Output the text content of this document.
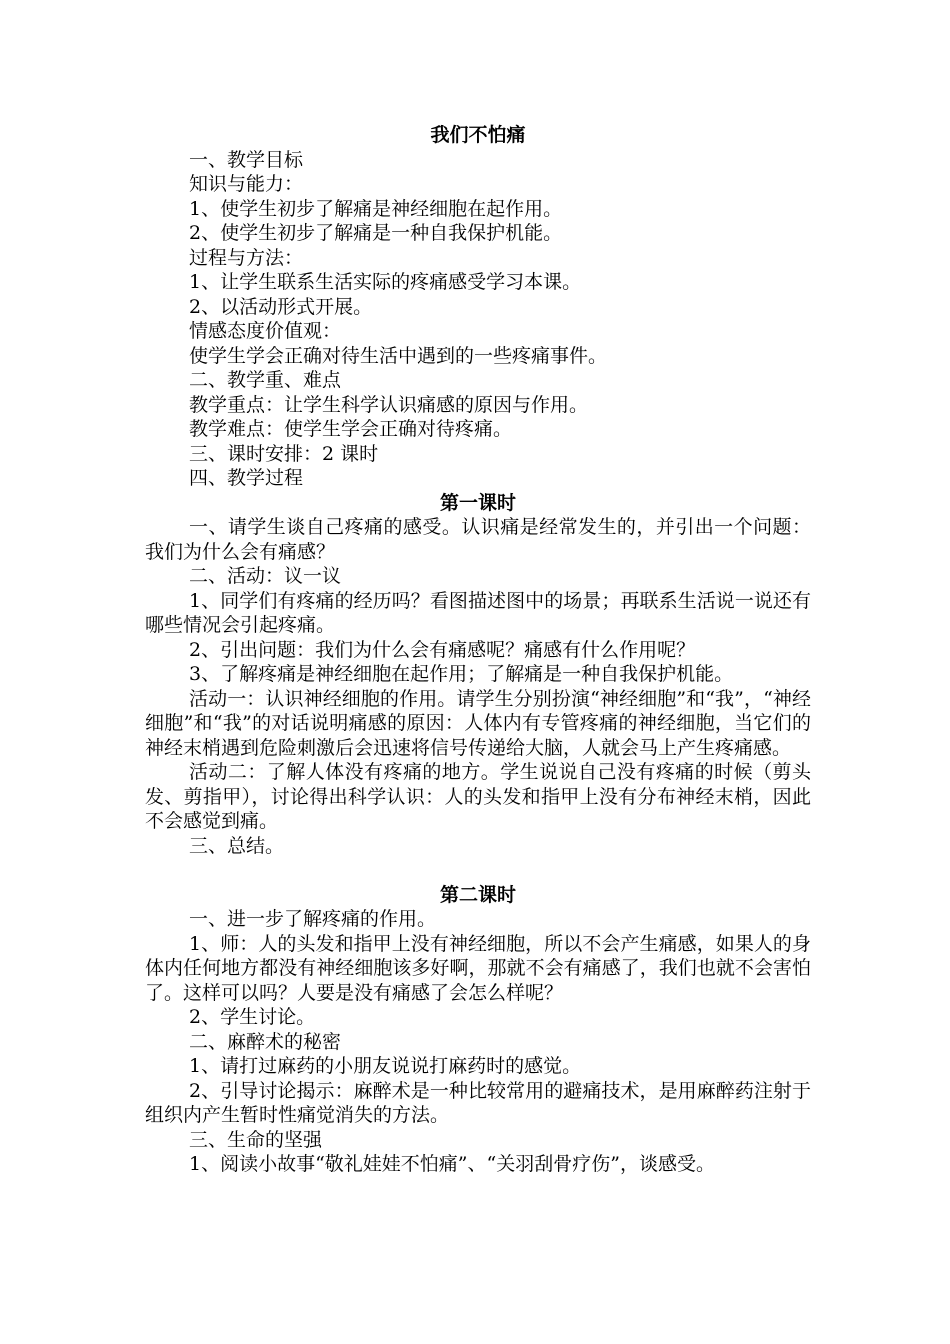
我们不怕痛

一、教学目标

知识与能力：

1、使学生初步了解痛是神经细胞在起作用。

2、使学生初步了解痛是一种自我保护机能。

过程与方法：

1、让学生联系生活实际的疼痛感受学习本课。

2、以活动形式开展。

情感态度价值观：

使学生学会正确对待生活中遇到的一些疼痛事件。

二、教学重、难点

教学重点：让学生科学认识痛感的原因与作用。

教学难点：使学生学会正确对待疼痛。

三、课时安排：2 课时

四、教学过程

第一课时

一、请学生谈自己疼痛的感受。认识痛是经常发生的，并引出一个问题：我们为什么会有痛感？

二、活动：议一议

1、同学们有疼痛的经历吗？看图描述图中的场景；再联系生活说一说还有哪些情况会引起疼痛。

2、引出问题：我们为什么会有痛感呢？痛感有什么作用呢？

3、了解疼痛是神经细胞在起作用；了解痛是一种自我保护机能。

活动一：认识神经细胞的作用。请学生分别扮演“神经细胞”和“我”，“神经细胞”和“我”的对话说明痛感的原因：人体内有专管疼痛的神经细胞，当它们的神经末梢遇到危险刺激后会迅速将信号传递给大脑，人就会马上产生疼痛感。

活动二：了解人体没有疼痛的地方。学生说说自己没有疼痛的时候（剪头发、剪指甲），讨论得出科学认识：人的头发和指甲上没有分布神经末梢，因此不会感觉到痛。

三、总结。

第二课时

一、进一步了解疼痛的作用。

1、师：人的头发和指甲上没有神经细胞，所以不会产生痛感，如果人的身体内任何地方都没有神经细胞该多好啊，那就不会有痛感了，我们也就不会害怕了。这样可以吗？人要是没有痛感了会怎么样呢？

2、学生讨论。

二、麻醉术的秘密

1、请打过麻药的小朋友说说打麻药时的感觉。

2、引导讨论揭示：麻醉术是一种比较常用的避痛技术，是用麻醉药注射于组织内产生暂时性痛觉消失的方法。

三、生命的坚强

1、阅读小故事“敬礼娃娃不怕痛”、“关羽刮骨疗伤”，谈感受。
